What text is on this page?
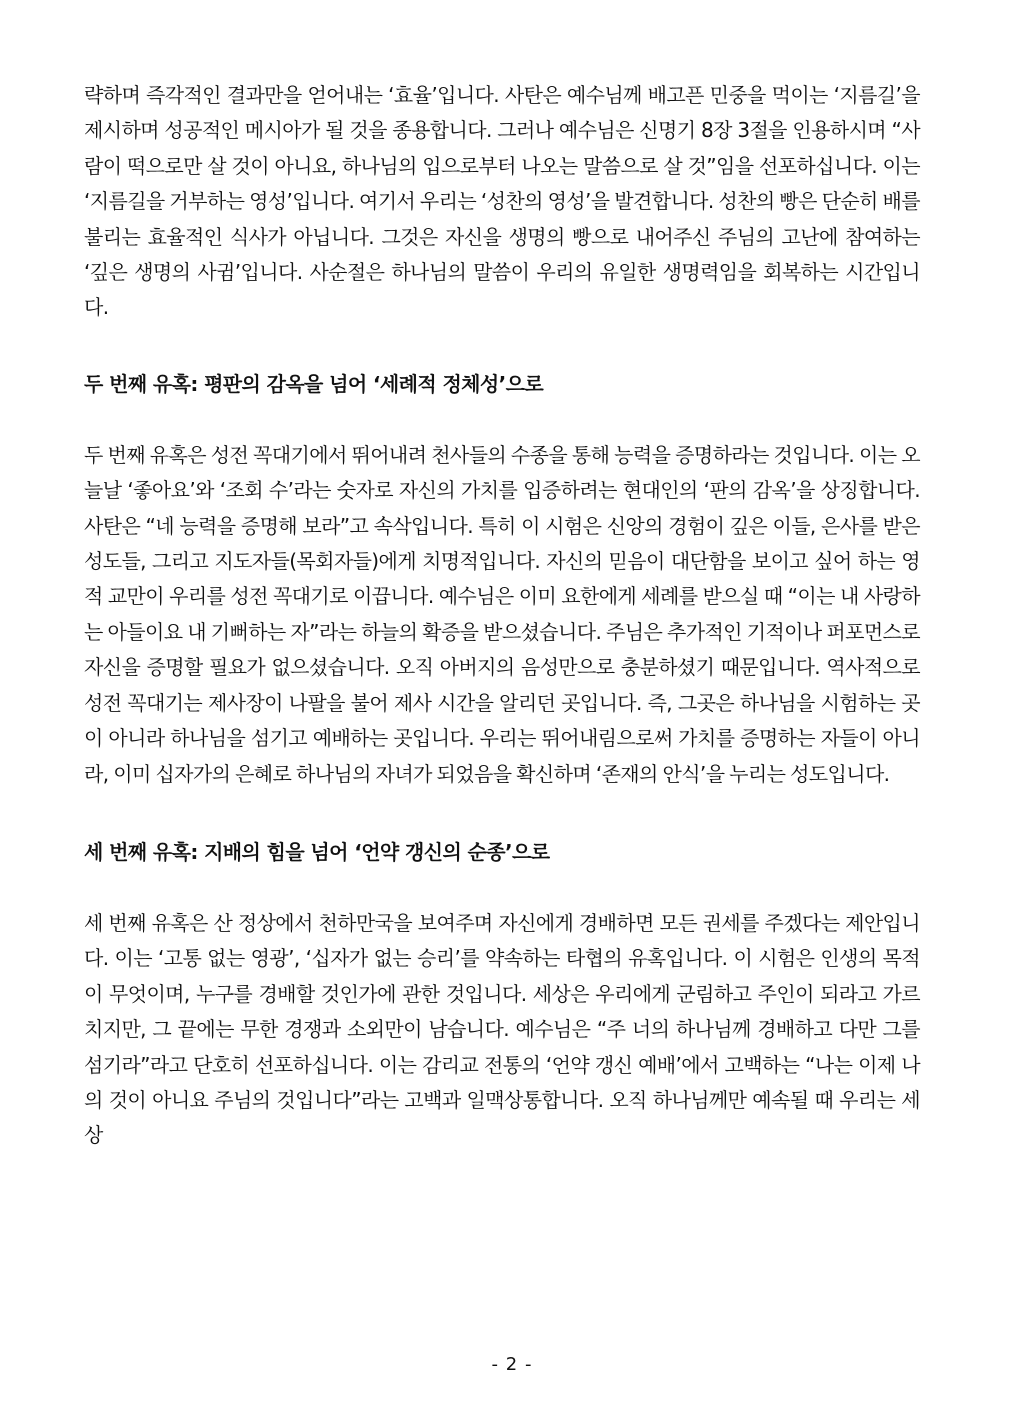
략하며 즉각적인 결과만을 얻어내는 ‘효율’입니다. 사탄은 예수님께 배고픈 민중을 먹이는 ‘지름길’을 제시하며 성공적인 메시아가 될 것을 종용합니다. 그러나 예수님은 신명기 8장 3절을 인용하시며 “사람이 떡으로만 살 것이 아니요, 하나님의 입으로부터 나오는 말씀으로 살 것”임을 선포하십니다. 이는 ‘지름길을 거부하는 영성’입니다. 여기서 우리는 ‘성찬의 영성’을 발견합니다. 성찬의 빵은 단순히 배를 불리는 효율적인 식사가 아닙니다. 그것은 자신을 생명의 빵으로 내어주신 주님의 고난에 참여하는 ‘깊은 생명의 사귐’입니다. 사순절은 하나님의 말씀이 우리의 유일한 생명력임을 회복하는 시간입니다.

두 번째 유혹: 평판의 감옥을 넘어 ‘세례적 정체성’으로

두 번째 유혹은 성전 꼭대기에서 뛰어내려 천사들의 수종을 통해 능력을 증명하라는 것입니다. 이는 오늘날 ‘좋아요’와 ‘조회 수’라는 숫자로 자신의 가치를 입증하려는 현대인의 ‘판의 감옥’을 상징합니다. 사탄은 “네 능력을 증명해 보라”고 속삭입니다. 특히 이 시험은 신앙의 경험이 깊은 이들, 은사를 받은 성도들, 그리고 지도자들(목회자들)에게 치명적입니다. 자신의 믿음이 대단함을 보이고 싶어 하는 영적 교만이 우리를 성전 꼭대기로 이끕니다. 예수님은 이미 요한에게 세례를 받으실 때 “이는 내 사랑하는 아들이요 내 기뻐하는 자”라는 하늘의 확증을 받으셨습니다. 주님은 추가적인 기적이나 퍼포먼스로 자신을 증명할 필요가 없으셨습니다. 오직 아버지의 음성만으로 충분하셨기 때문입니다. 역사적으로 성전 꼭대기는 제사장이 나팔을 불어 제사 시간을 알리던 곳입니다. 즉, 그곳은 하나님을 시험하는 곳이 아니라 하나님을 섬기고 예배하는 곳입니다. 우리는 뛰어내림으로써 가치를 증명하는 자들이 아니라, 이미 십자가의 은혜로 하나님의 자녀가 되었음을 확신하며 ‘존재의 안식’을 누리는 성도입니다.

세 번째 유혹: 지배의 힘을 넘어 ‘언약 갱신의 순종’으로

세 번째 유혹은 산 정상에서 천하만국을 보여주며 자신에게 경배하면 모든 권세를 주겠다는 제안입니다. 이는 ‘고통 없는 영광’, ‘십자가 없는 승리’를 약속하는 타협의 유혹입니다. 이 시험은 인생의 목적이 무엇이며, 누구를 경배할 것인가에 관한 것입니다. 세상은 우리에게 군림하고 주인이 되라고 가르치지만, 그 끝에는 무한 경쟁과 소외만이 남습니다. 예수님은 “주 너의 하나님께 경배하고 다만 그를 섬기라”라고 단호히 선포하십니다. 이는 감리교 전통의 ‘언약 갱신 예배’에서 고백하는 “나는 이제 나의 것이 아니요 주님의 것입니다”라는 고백과 일맥상통합니다. 오직 하나님께만 예속될 때 우리는 세상

- 2 -
